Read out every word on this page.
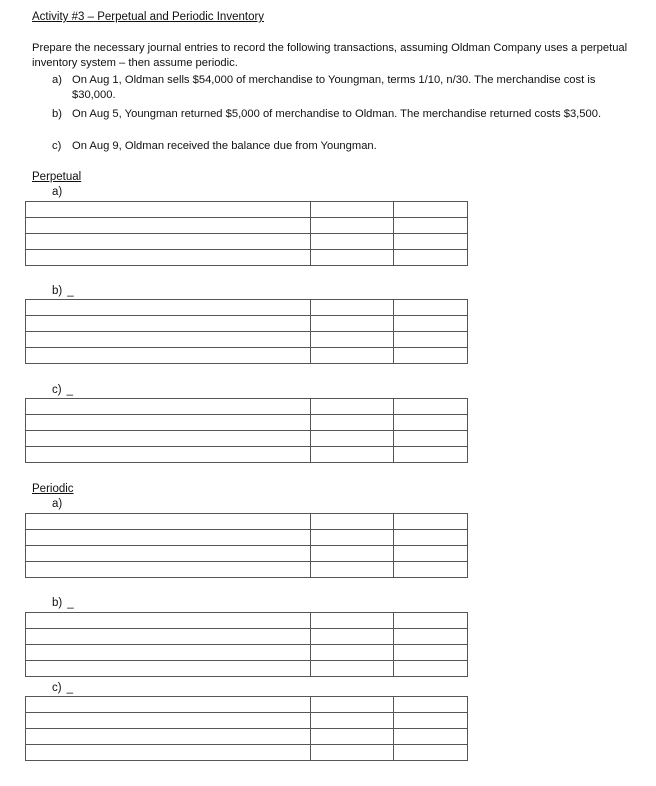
Activity #3 – Perpetual and Periodic Inventory
Prepare the necessary journal entries to record the following transactions, assuming Oldman Company uses a perpetual inventory system – then assume periodic.
a) On Aug 1, Oldman sells $54,000 of merchandise to Youngman, terms 1/10, n/30. The merchandise cost is $30,000.
b) On Aug 5, Youngman returned $5,000 of merchandise to Oldman. The merchandise returned costs $3,500.
c) On Aug 9, Oldman received the balance due from Youngman.
Perpetual
a)

b) _

c) _

Periodic
a)

b) _

c) _
